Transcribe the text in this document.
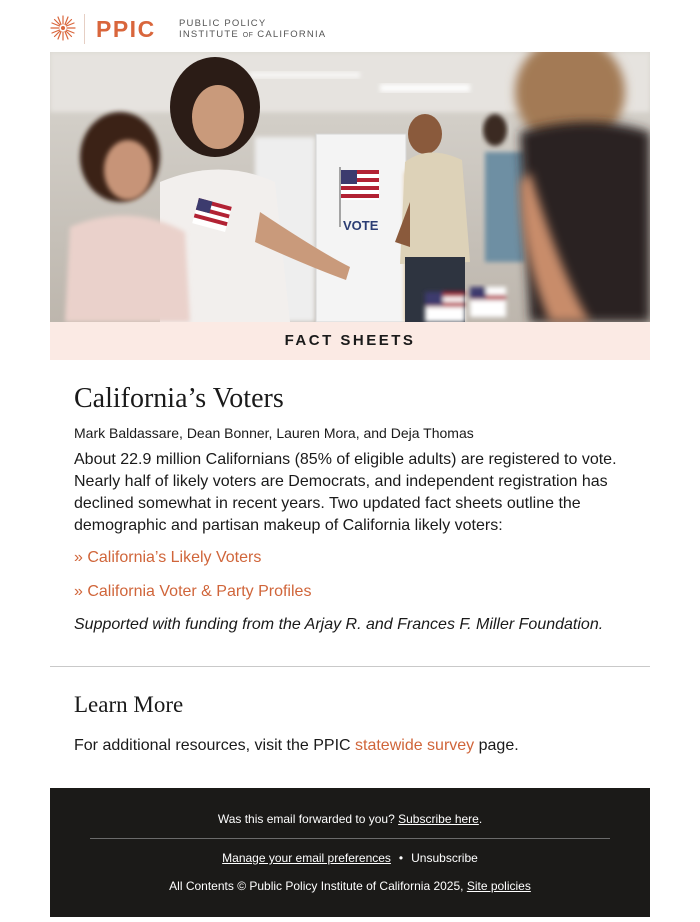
PPIC PUBLIC POLICY
INSTITUTE OF CALIFORNIA
VOTE
FACT SHEETS
California’s Voters
Mark Baldassare, Dean Bonner, Lauren Mora, and Deja Thomas

About 22.9 million Californians (85% of eligible adults) are registered to vote. Nearly half of likely voters are Democrats, and independent registration has declined somewhat in recent years. Two updated fact sheets outline the demographic and partisan makeup of California likely voters:

» California’s Likely Voters
» California Voter & Party Profiles
Supported with funding from the Arjay R. and Frances F. Miller Foundation.
Learn More
For additional resources, visit the PPIC statewide survey page.
Was this email forwarded to you? Subscribe here.
Manage your email preferences • Unsubscribe
All Contents © Public Policy Institute of California 2025, Site policies
